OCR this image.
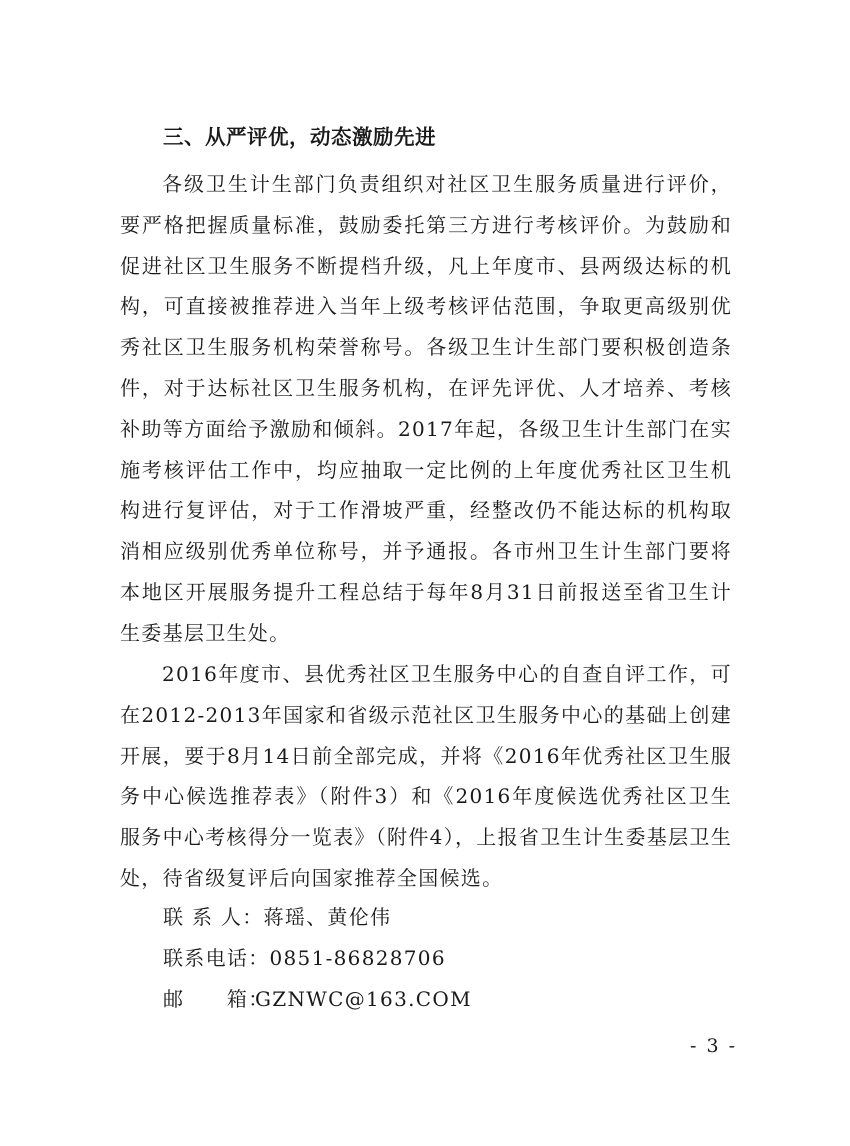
三、从严评优，动态激励先进

各级卫生计生部门负责组织对社区卫生服务质量进行评价，要严格把握质量标准，鼓励委托第三方进行考核评价。为鼓励和促进社区卫生服务不断提档升级，凡上年度市、县两级达标的机构，可直接被推荐进入当年上级考核评估范围，争取更高级别优秀社区卫生服务机构荣誉称号。各级卫生计生部门要积极创造条件，对于达标社区卫生服务机构，在评先评优、人才培养、考核补助等方面给予激励和倾斜。2017年起，各级卫生计生部门在实施考核评估工作中，均应抽取一定比例的上年度优秀社区卫生机构进行复评估，对于工作滑坡严重，经整改仍不能达标的机构取消相应级别优秀单位称号，并予通报。各市州卫生计生部门要将本地区开展服务提升工程总结于每年8月31日前报送至省卫生计生委基层卫生处。

2016年度市、县优秀社区卫生服务中心的自查自评工作，可在2012-2013年国家和省级示范社区卫生服务中心的基础上创建开展，要于8月14日前全部完成，并将《2016年优秀社区卫生服务中心候选推荐表》（附件3）和《2016年度候选优秀社区卫生服务中心考核得分一览表》（附件4），上报省卫生计生委基层卫生处，待省级复评后向国家推荐全国候选。

联 系 人：蒋瑶、黄伦伟
联系电话：0851-86828706
邮　　箱：GZNWC@163.COM
- 3 -
